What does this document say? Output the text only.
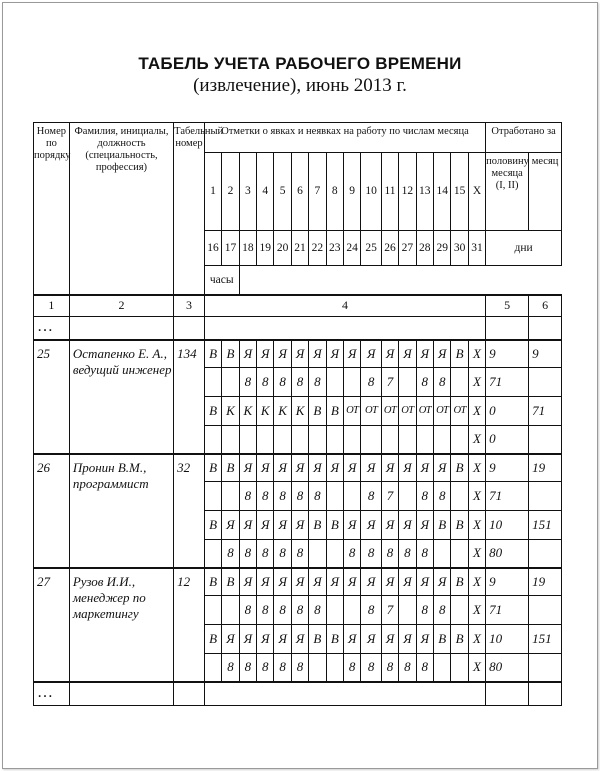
ТАБЕЛЬ УЧЕТА РАБОЧЕГО ВРЕМЕНИ
(извлечение), июнь 2013 г.
Номер по порядку	Фамилия, инициалы, должность (специальность, профессия)	Табельный номер	Отметки о явках и неявках на работу по числам месяца																Отработано за	
			1	2	3	4	5	6	7	8	9	10	11	12	13	14	15	X	половину месяца (I, II)	месяц
			16	17	18	19	20	21	22	23	24	25	26	27	28	29	30	31	дни	
			часы																	
1	2	3	4																5	6
…																				
25	Остапенко Е. А., ведущий инженер	134	В	В	Я	Я	Я	Я	Я	Я	Я	Я	Я	Я	Я	Я	В	Х	9	9
					8	8	8	8	8			8	7		8	8		Х	71	
			В	К	К	К	К	К	В	В	ОТ	ОТ	ОТ	ОТ	ОТ	ОТ	ОТ	Х	0	71
																		Х	0	
26	Пронин В.М., программист	32	В	В	Я	Я	Я	Я	Я	Я	Я	Я	Я	Я	Я	Я	В	Х	9	19
					8	8	8	8	8			8	7		8	8		Х	71	
			В	Я	Я	Я	Я	Я	В	В	Я	Я	Я	Я	Я	В	В	Х	10	151
				8	8	8	8	8			8	8	8	8	8			Х	80	
27	Рузов И.И., менеджер по маркетингу	12	В	В	Я	Я	Я	Я	Я	Я	Я	Я	Я	Я	Я	Я	В	Х	9	19
					8	8	8	8	8			8	7		8	8		Х	71	
			В	Я	Я	Я	Я	Я	В	В	Я	Я	Я	Я	Я	В	В	Х	10	151
				8	8	8	8	8			8	8	8	8	8			Х	80	
…																				
